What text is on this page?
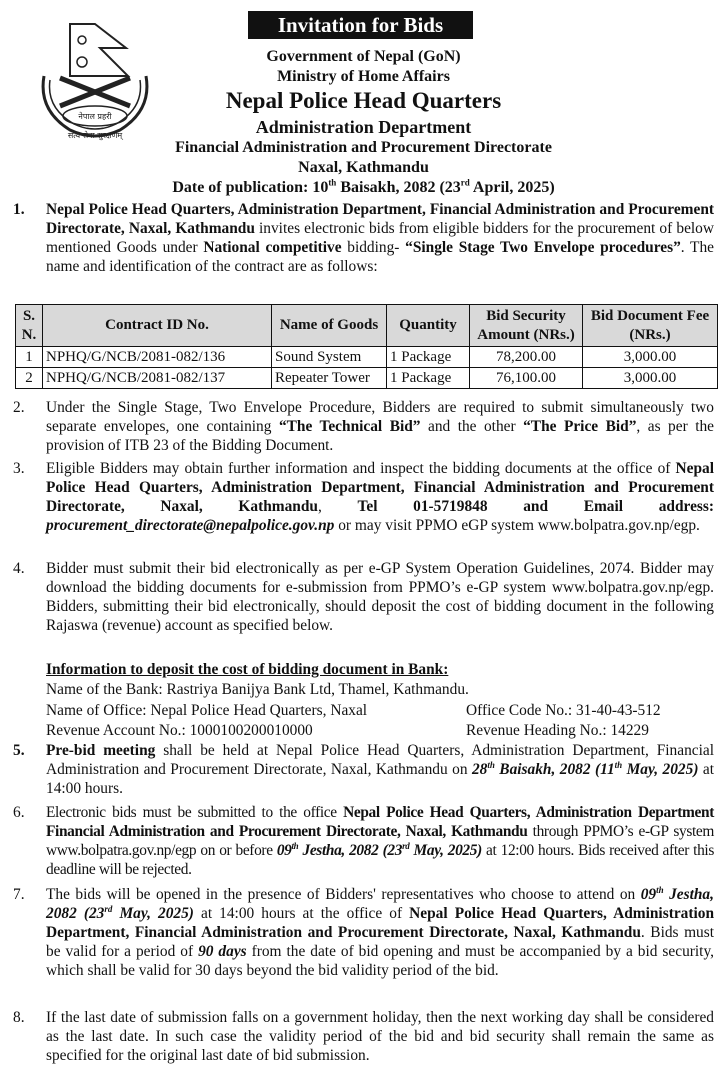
Invitation for Bids
नेपाल प्रहरी
सत्य सेवा सुरक्षणम्
Government of Nepal (GoN)
Ministry of Home Affairs
Nepal Police Head Quarters
Administration Department
Financial Administration and Procurement Directorate
Naxal, Kathmandu
Date of publication: 10th Baisakh, 2082 (23rd April, 2025)
1. Nepal Police Head Quarters, Administration Department, Financial Administration and Procurement Directorate, Naxal, Kathmandu invites electronic bids from eligible bidders for the procurement of below mentioned Goods under National competitive bidding- “Single Stage Two Envelope procedures”. The name and identification of the contract are as follows:
S. N.	Contract ID No.	Name of Goods	Quantity	Bid Security Amount (NRs.)	Bid Document Fee (NRs.)
1	NPHQ/G/NCB/2081-082/136	Sound System	1 Package	78,200.00	3,000.00
2	NPHQ/G/NCB/2081-082/137	Repeater Tower	1 Package	76,100.00	3,000.00
2. Under the Single Stage, Two Envelope Procedure, Bidders are required to submit simultaneously two separate envelopes, one containing “The Technical Bid” and the other “The Price Bid”, as per the provision of ITB 23 of the Bidding Document.
3. Eligible Bidders may obtain further information and inspect the bidding documents at the office of Nepal Police Head Quarters, Administration Department, Financial Administration and Procurement Directorate, Naxal, Kathmandu, Tel 01-5719848 and Email address: procurement_directorate@nepalpolice.gov.np or may visit PPMO eGP system www.bolpatra.gov.np/egp.
4. Bidder must submit their bid electronically as per e-GP System Operation Guidelines, 2074. Bidder may download the bidding documents for e-submission from PPMO’s e-GP system www.bolpatra.gov.np/egp. Bidders, submitting their bid electronically, should deposit the cost of bidding document in the following Rajaswa (revenue) account as specified below.
Information to deposit the cost of bidding document in Bank:
Name of the Bank: Rastriya Banijya Bank Ltd, Thamel, Kathmandu.
Name of Office: Nepal Police Head Quarters, Naxal	Office Code No.: 31-40-43-512
Revenue Account No.: 1000100200010000	Revenue Heading No.: 14229
5. Pre-bid meeting shall be held at Nepal Police Head Quarters, Administration Department, Financial Administration and Procurement Directorate, Naxal, Kathmandu on 28th Baisakh, 2082 (11th May, 2025) at 14:00 hours.
6. Electronic bids must be submitted to the office Nepal Police Head Quarters, Administration Department Financial Administration and Procurement Directorate, Naxal, Kathmandu through PPMO’s e-GP system www.bolpatra.gov.np/egp on or before 09th Jestha, 2082 (23rd May, 2025) at 12:00 hours. Bids received after this deadline will be rejected.
7. The bids will be opened in the presence of Bidders' representatives who choose to attend on 09th Jestha, 2082 (23rd May, 2025) at 14:00 hours at the office of Nepal Police Head Quarters, Administration Department, Financial Administration and Procurement Directorate, Naxal, Kathmandu. Bids must be valid for a period of 90 days from the date of bid opening and must be accompanied by a bid security, which shall be valid for 30 days beyond the bid validity period of the bid.
8. If the last date of submission falls on a government holiday, then the next working day shall be considered as the last date. In such case the validity period of the bid and bid security shall remain the same as specified for the original last date of bid submission.
